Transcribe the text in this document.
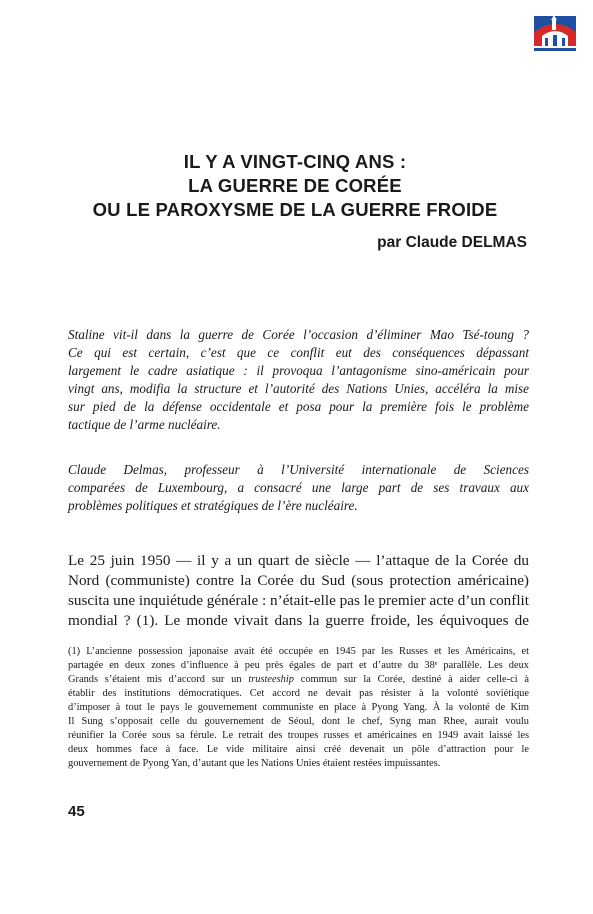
IL Y A VINGT-CINQ ANS :
LA GUERRE DE CORÉE
OU LE PAROXYSME DE LA GUERRE FROIDE
par Claude DELMAS
Staline vit-il dans la guerre de Corée l’occasion d’éliminer Mao Tsé-toung ?
Ce qui est certain, c’est que ce conflit eut des conséquences dépassant
largement le cadre asiatique : il provoqua l’antagonisme sino-américain pour
vingt ans, modifia la structure et l’autorité des Nations Unies, accéléra la mise
sur pied de la défense occidentale et posa pour la première fois le problème
tactique de l’arme nucléaire.
Claude Delmas, professeur à l’Université internationale de Sciences
comparées de Luxembourg, a consacré une large part de ses travaux aux
problèmes politiques et stratégiques de l’ère nucléaire.
Le 25 juin 1950 — il y a un quart de siècle — l’attaque de la Corée du
Nord (communiste) contre la Corée du Sud (sous protection américaine)
suscita une inquiétude générale : n’était-elle pas le premier acte d’un conflit
mondial ? (1). Le monde vivait dans la guerre froide, les équivoques de
(1) L’ancienne possession japonaise avait été occupée en 1945 par les Russes et les Américains, et
partagée en deux zones d’influence à peu près égales de part et d’autre du 38ᵉ parallèle. Les deux
Grands s’étaient mis d’accord sur un trusteeship commun sur la Corée, destiné à aider celle-ci à
établir des institutions démocratiques. Cet accord ne devait pas résister à la volonté soviétique
d’imposer à tout le pays le gouvernement communiste en place à Pyong Yang. À la volonté de Kim
Il Sung s’opposait celle du gouvernement de Séoul, dont le chef, Syng man Rhee, aurait voulu
réunifier la Corée sous sa férule. Le retrait des troupes russes et américaines en 1949 avait laissé les
deux hommes face à face. Le vide militaire ainsi créé devenait un pôle d’attraction pour le
gouvernement de Pyong Yan, d’autant que les Nations Unies étaient restées impuissantes.
45
